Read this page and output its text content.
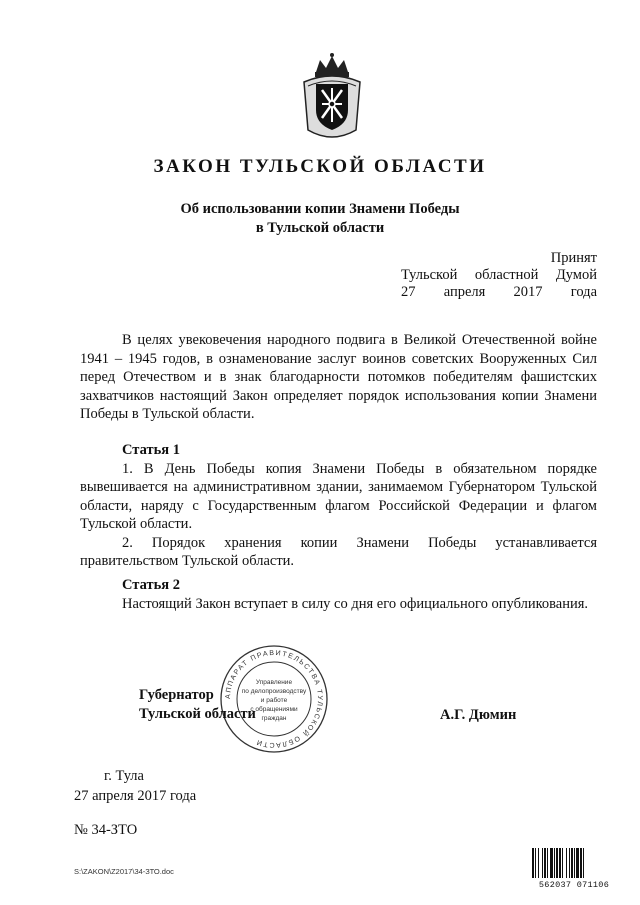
ЗАКОН ТУЛЬСКОЙ ОБЛАСТИ
Об использовании копии Знамени Победы
в Тульской области
Принят
Тульской областной Думой
27 апреля 2017 года

В целях увековечения народного подвига в Великой Отечественной войне 1941 – 1945 годов, в ознаменование заслуг воинов советских Вооруженных Сил перед Отечеством и в знак благодарности потомков победителям фашистских захватчиков настоящий Закон определяет порядок использования копии Знамени Победы в Тульской области.

Статья 1

1. В День Победы копия Знамени Победы в обязательном порядке вывешивается на административном здании, занимаемом Губернатором Тульской области, наряду с Государственным флагом Российской Федерации и флагом Тульской области.

2. Порядок хранения копии Знамени Победы устанавливается правительством Тульской области.

Статья 2

Настоящий Закон вступает в силу со дня его официального опубликования.

АППАРАТ ПРАВИТЕЛЬСТВА ТУЛЬСКОЙ ОБЛАСТИ
Управление
по делопроизводству
и работе
с обращениями
граждан
Губернатор
Тульской области	А.Г. Дюмин
г. Тула
27 апреля 2017 года
№ 34-ЗТО
S:\ZAKON\Z2017\34-ЗТО.doc
562037 071106
